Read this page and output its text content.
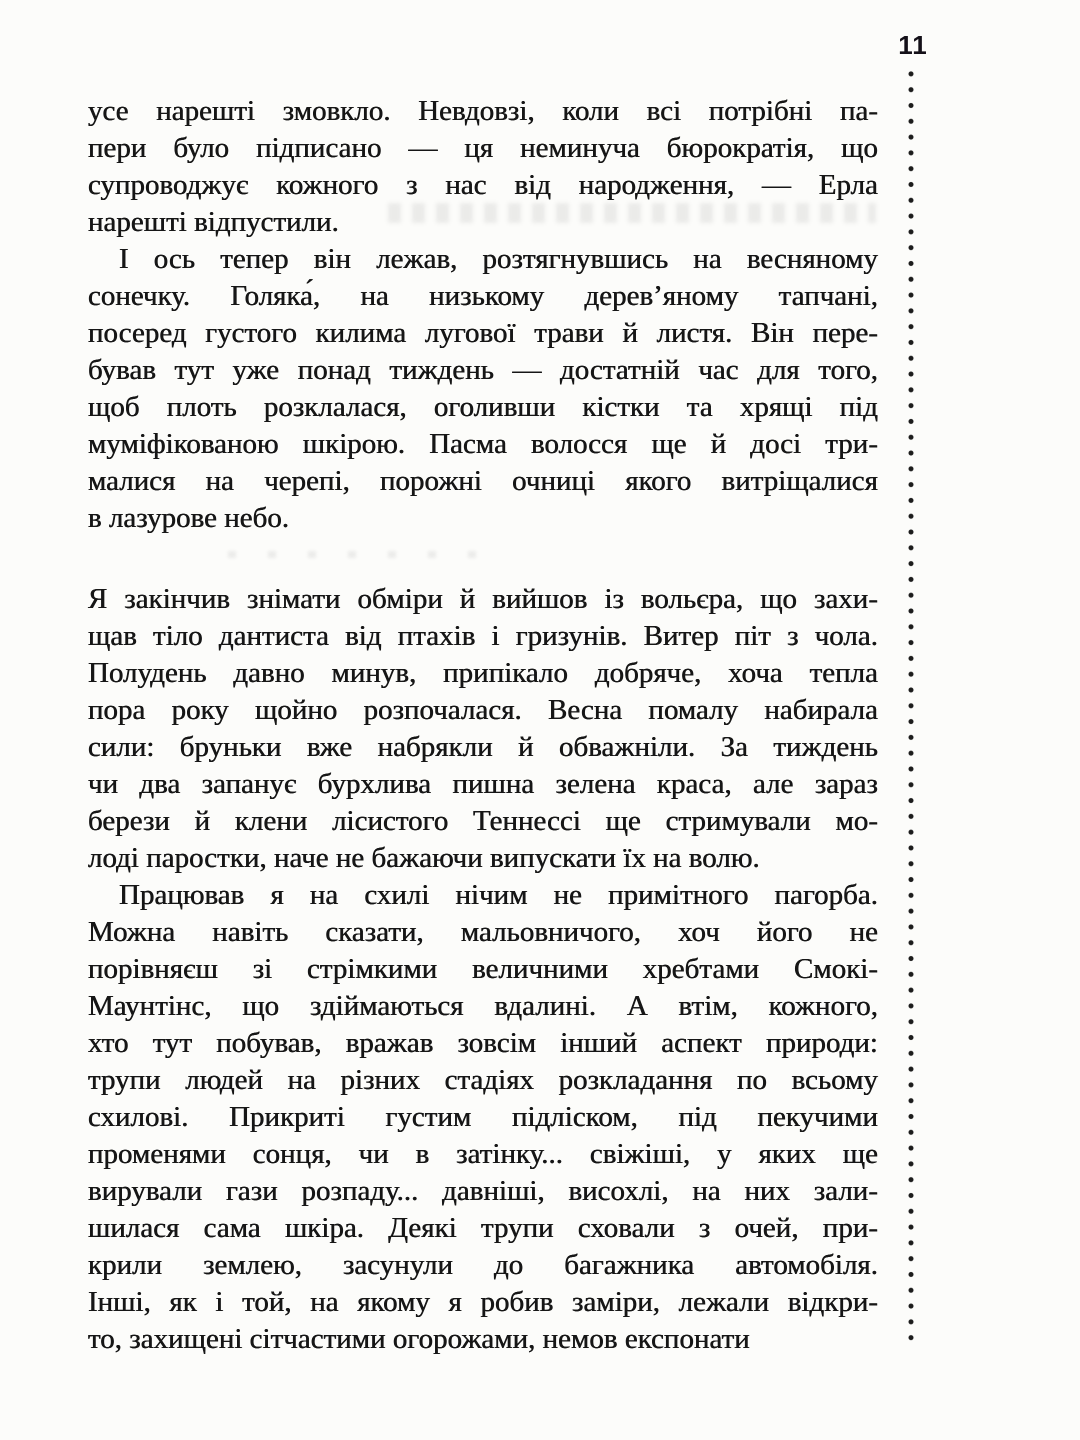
11
усе нарешті змовкло. Невдовзі, коли всі потрібні па-
пери було підписано — ця неминуча бюрократія, що
супроводжує кожного з нас від народження, — Ерла
нарешті відпустили.
І ось тепер він лежав, розтягнувшись на весняному
сонечку. Голяка́, на низькому дерев’яному тапчані,
посеред густого килима лугової трави й листя. Він пере-
бував тут уже понад тиждень — достатній час для того,
щоб плоть розклалася, оголивши кістки та хрящі під
муміфікованою шкірою. Пасма волосся ще й досі три-
малися на черепі, порожні очниці якого витріщалися
в лазурове небо.
Я закінчив знімати обміри й вийшов із вольєра, що захи-
щав тіло дантиста від птахів і гризунів. Витер піт з чола.
Полудень давно минув, припікало добряче, хоча тепла
пора року щойно розпочалася. Весна помалу набирала
сили: бруньки вже набрякли й обважніли. За тиждень
чи два запанує бурхлива пишна зелена краса, але зараз
берези й клени лісистого Теннессі ще стримували мо-
лоді паростки, наче не бажаючи випускати їх на волю.
Працював я на схилі нічим не примітного пагорба.
Можна навіть сказати, мальовничого, хоч його не
порівняєш зі стрімкими величними хребтами Смокі-
Маунтінс, що здіймаються вдалині. А втім, кожного,
хто тут побував, вражав зовсім інший аспект природи:
трупи людей на різних стадіях розкладання по всьому
схилові. Прикриті густим підліском, під пекучими
променями сонця, чи в затінку... свіжіші, у яких ще
вирували гази розпаду... давніші, висохлі, на них зали-
шилася сама шкіра. Деякі трупи сховали з очей, при-
крили землею, засунули до багажника автомобіля.
Інші, як і той, на якому я робив заміри, лежали відкри-
то, захищені сітчастими огорожами, немов експонати
